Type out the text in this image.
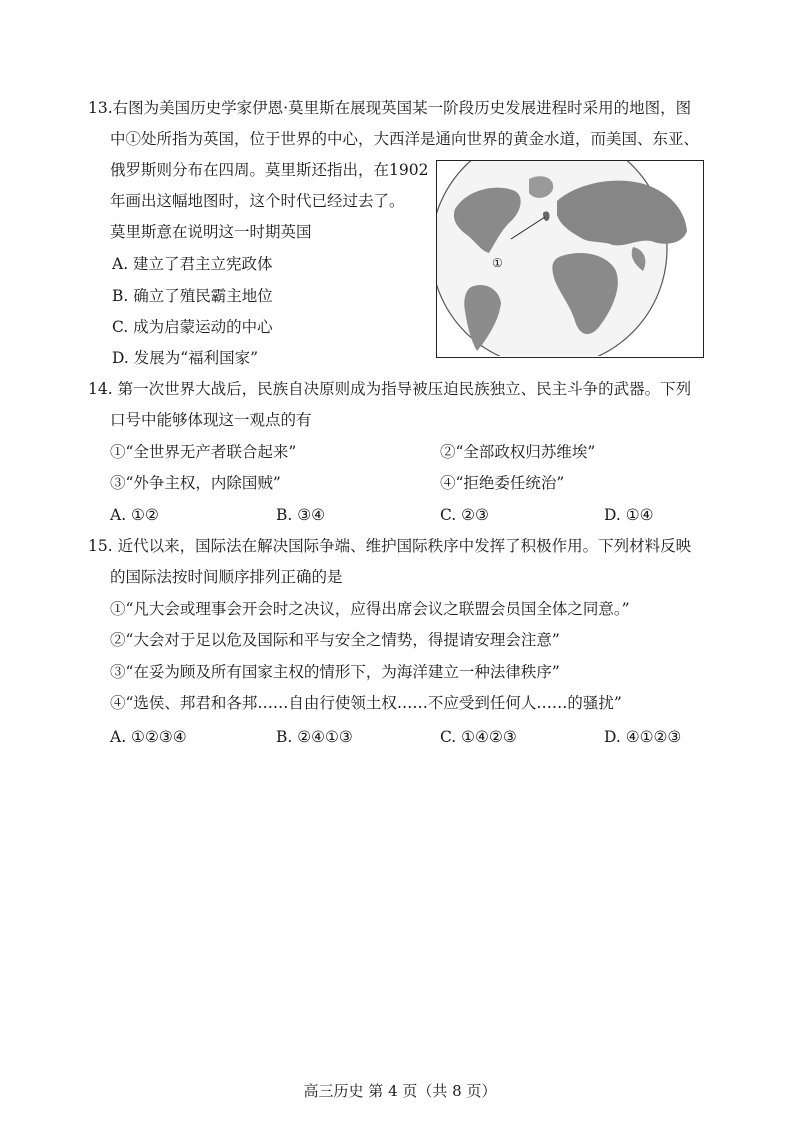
13.右图为美国历史学家伊恩·莫里斯在展现英国某一阶段历史发展进程时采用的地图，图
中①处所指为英国，位于世界的中心，大西洋是通向世界的黄金水道，而美国、东亚、
俄罗斯则分布在四周。莫里斯还指出，在1902
年画出这幅地图时，这个时代已经过去了。
莫里斯意在说明这一时期英国
A. 建立了君主立宪政体
B. 确立了殖民霸主地位
C. 成为启蒙运动的中心
D. 发展为“福利国家”
①
14. 第一次世界大战后，民族自决原则成为指导被压迫民族独立、民主斗争的武器。下列
口号中能够体现这一观点的有
①“全世界无产者联合起来”	②“全部政权归苏维埃”
③“外争主权，内除国贼”	④“拒绝委任统治”
A. ①②	B. ③④	C. ②③	D. ①④
15. 近代以来，国际法在解决国际争端、维护国际秩序中发挥了积极作用。下列材料反映
的国际法按时间顺序排列正确的是
①“凡大会或理事会开会时之决议，应得出席会议之联盟会员国全体之同意。”
②“大会对于足以危及国际和平与安全之情势，得提请安理会注意”
③“在妥为顾及所有国家主权的情形下，为海洋建立一种法律秩序”
④“选侯、邦君和各邦……自由行使领土权……不应受到任何人……的骚扰”
A. ①②③④	B. ②④①③	C. ①④②③	D. ④①②③
高三历史 第 4 页（共 8 页）
